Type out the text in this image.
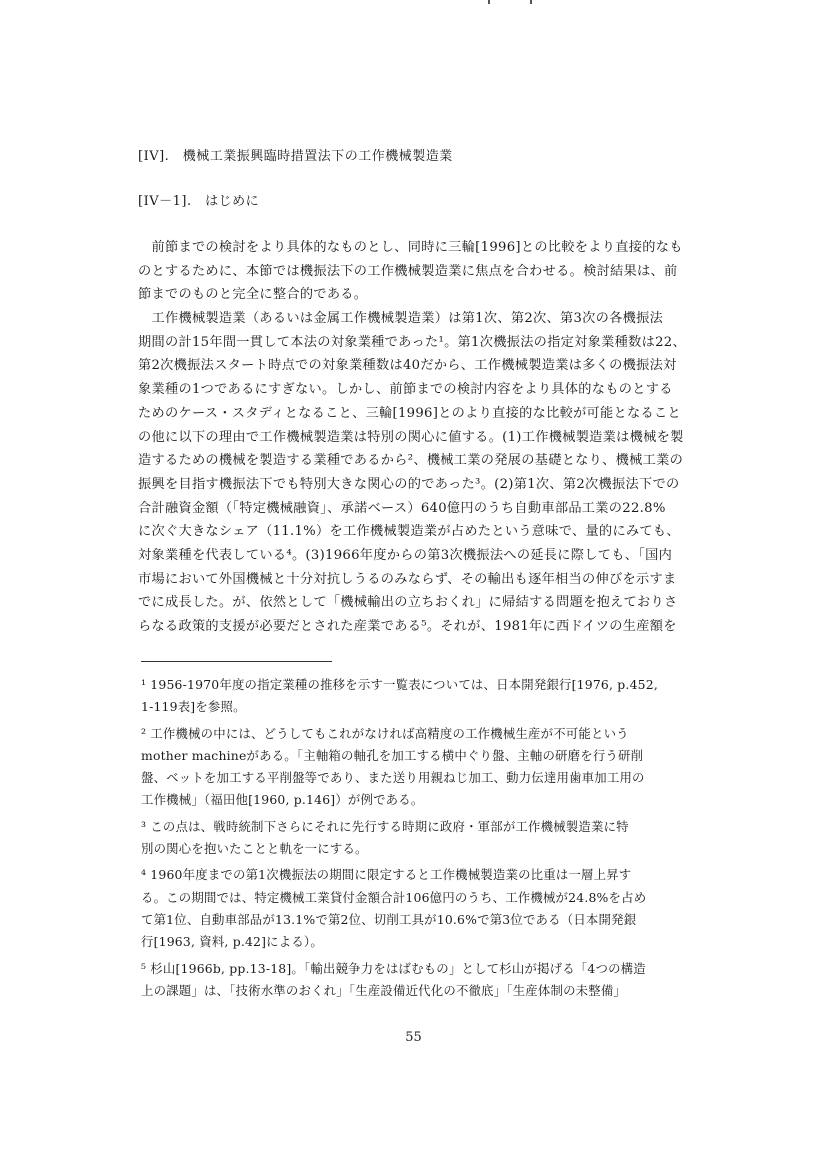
[IV].　機械工業振興臨時措置法下の工作機械製造業
[IV－1].　はじめに
　前節までの検討をより具体的なものとし、同時に三輪[1996]との比較をより直接的なも
のとするために、本節では機振法下の工作機械製造業に焦点を合わせる。検討結果は、前
節までのものと完全に整合的である。
　工作機械製造業（あるいは金属工作機械製造業）は第1次、第2次、第3次の各機振法
期間の計15年間一貫して本法の対象業種であった¹。第1次機振法の指定対象業種数は22、
第2次機振法スタート時点での対象業種数は40だから、工作機械製造業は多くの機振法対
象業種の1つであるにすぎない。しかし、前節までの検討内容をより具体的なものとする
ためのケース・スタディとなること、三輪[1996]とのより直接的な比較が可能となること
の他に以下の理由で工作機械製造業は特別の関心に値する。(1)工作機械製造業は機械を製
造するための機械を製造する業種であるから²、機械工業の発展の基礎となり、機械工業の
振興を目指す機振法下でも特別大きな関心の的であった³。(2)第1次、第2次機振法下での
合計融資金額（「特定機械融資」、承諾ベース）640億円のうち自動車部品工業の22.8%
に次ぐ大きなシェア（11.1%）を工作機械製造業が占めたという意味で、量的にみても、
対象業種を代表している⁴。(3)1966年度からの第3次機振法への延長に際しても、「国内
市場において外国機械と十分対抗しうるのみならず、その輸出も逐年相当の伸びを示すま
でに成長した。が、依然として「機械輸出の立ちおくれ」に帰結する問題を抱えておりさ
らなる政策的支援が必要だとされた産業である⁵。それが、1981年に西ドイツの生産額を
¹ 1956-1970年度の指定業種の推移を示す一覧表については、日本開発銀行[1976, p.452,
1-119表]を参照。
² 工作機械の中には、どうしてもこれがなければ高精度の工作機械生産が不可能という
mother machineがある。「主軸箱の軸孔を加工する横中ぐり盤、主軸の研磨を行う研削
盤、ベットを加工する平削盤等であり、また送り用親ねじ加工、動力伝達用歯車加工用の
工作機械」（福田他[1960, p.146]）が例である。
³ この点は、戦時統制下さらにそれに先行する時期に政府・軍部が工作機械製造業に特
別の関心を抱いたことと軌を一にする。
⁴ 1960年度までの第1次機振法の期間に限定すると工作機械製造業の比重は一層上昇す
る。この期間では、特定機械工業貸付金額合計106億円のうち、工作機械が24.8%を占め
て第1位、自動車部品が13.1%で第2位、切削工具が10.6%で第3位である（日本開発銀
行[1963, 資料, p.42]による）。
⁵ 杉山[1966b, pp.13-18]。「輸出競争力をはばむもの」として杉山が掲げる「4つの構造
上の課題」は、「技術水準のおくれ」「生産設備近代化の不徹底」「生産体制の未整備」
55
